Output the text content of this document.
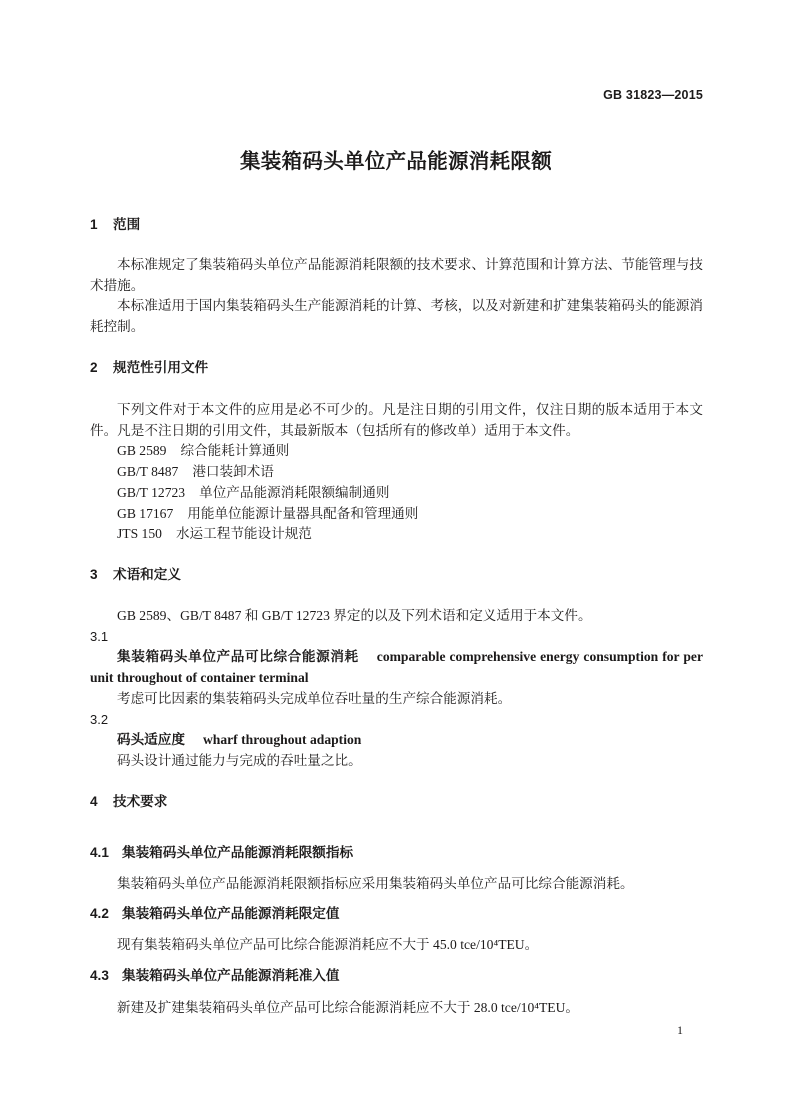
GB 31823—2015
集装箱码头单位产品能源消耗限额
1 范围

本标准规定了集装箱码头单位产品能源消耗限额的技术要求、计算范围和计算方法、节能管理与技术措施。

本标准适用于国内集装箱码头生产能源消耗的计算、考核，以及对新建和扩建集装箱码头的能源消耗控制。

2 规范性引用文件

下列文件对于本文件的应用是必不可少的。凡是注日期的引用文件，仅注日期的版本适用于本文件。凡是不注日期的引用文件，其最新版本（包括所有的修改单）适用于本文件。

GB 2589 综合能耗计算通则

GB/T 8487 港口装卸术语

GB/T 12723 单位产品能源消耗限额编制通则

GB 17167 用能单位能源计量器具配备和管理通则

JTS 150 水运工程节能设计规范

3 术语和定义

GB 2589、GB/T 8487 和 GB/T 12723 界定的以及下列术语和定义适用于本文件。

3.1

集装箱码头单位产品可比综合能源消耗 comparable comprehensive energy consumption for per unit throughout of container terminal

考虑可比因素的集装箱码头完成单位吞吐量的生产综合能源消耗。

3.2

码头适应度 wharf throughout adaption

码头设计通过能力与完成的吞吐量之比。

4 技术要求
4.1 集装箱码头单位产品能源消耗限额指标

集装箱码头单位产品能源消耗限额指标应采用集装箱码头单位产品可比综合能源消耗。

4.2 集装箱码头单位产品能源消耗限定值

现有集装箱码头单位产品可比综合能源消耗应不大于 45.0 tce/10⁴TEU。

4.3 集装箱码头单位产品能源消耗准入值

新建及扩建集装箱码头单位产品可比综合能源消耗应不大于 28.0 tce/10⁴TEU。

1
